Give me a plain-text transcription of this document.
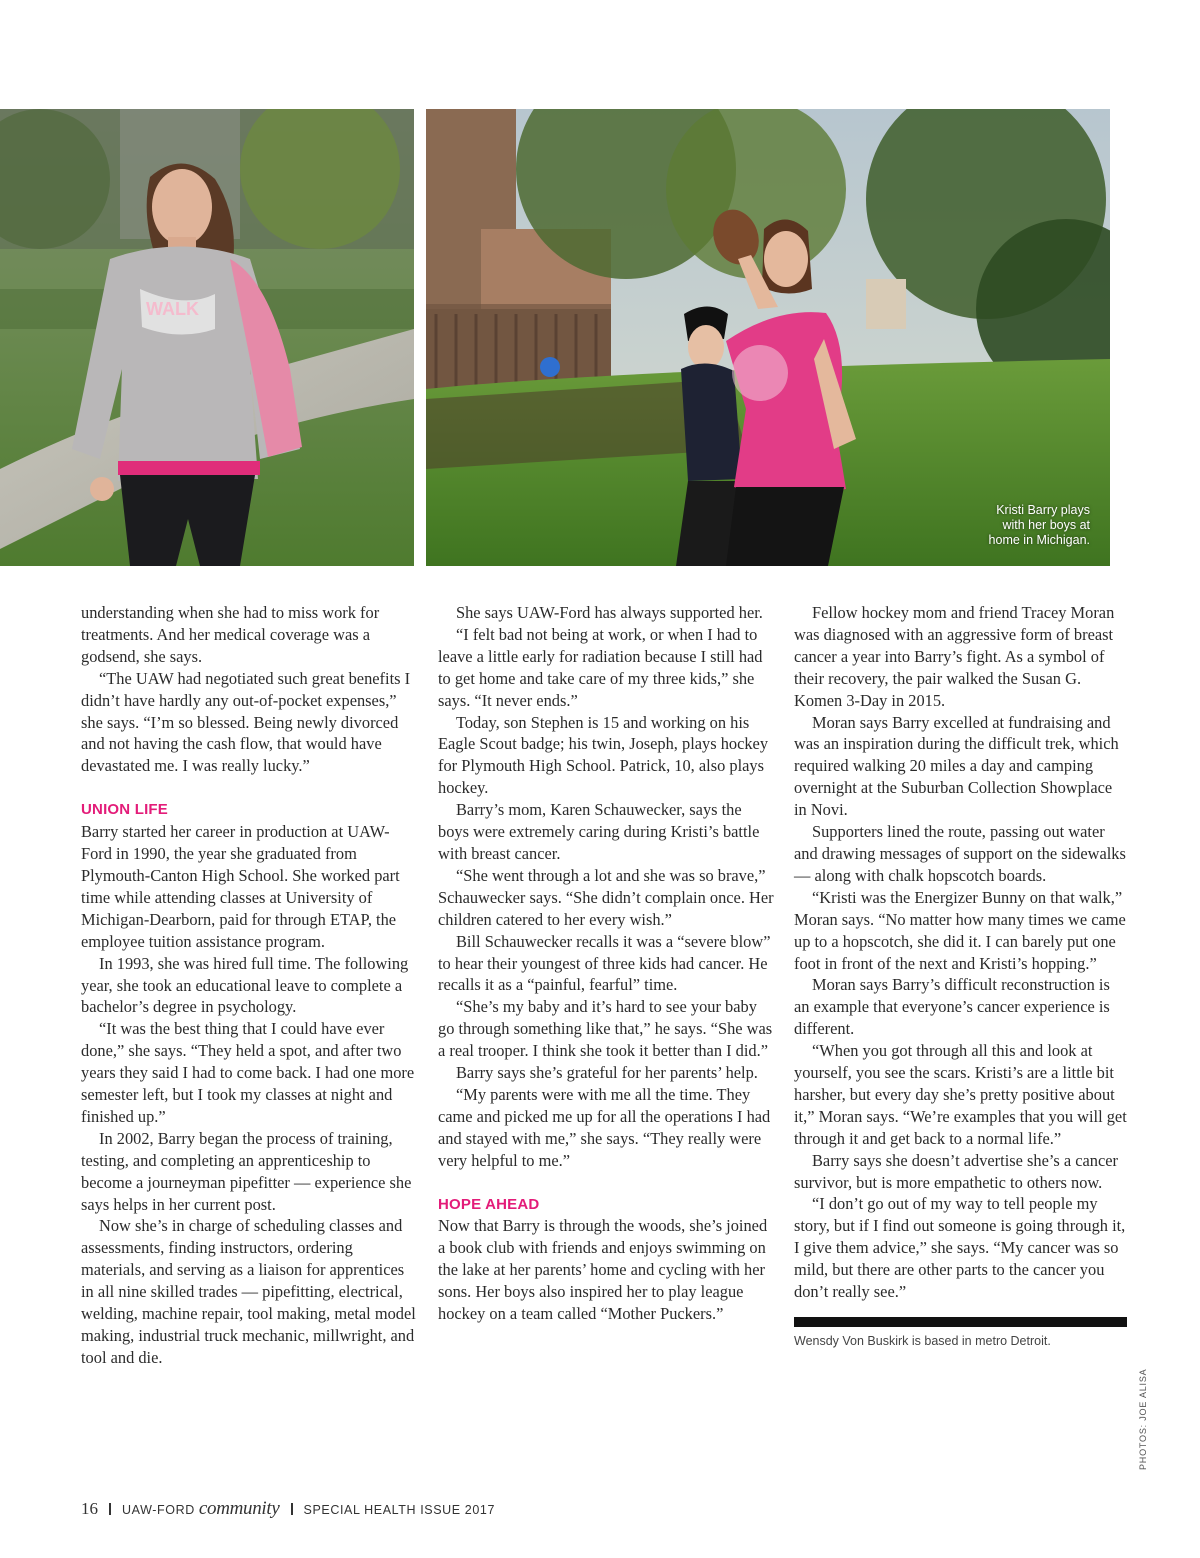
WALK
Kristi Barry plays
with her boys at
home in Michigan.

understanding when she had to miss work for treatments. And her medical coverage was a godsend, she says.

“The UAW had negotiated such great benefits I didn’t have hardly any out-of-pocket expenses,” she says. “I’m so blessed. Being newly divorced and not having the cash flow, that would have devastated me. I was really lucky.”

UNION LIFE

Barry started her career in production at UAW-Ford in 1990, the year she graduated from Plymouth-Canton High School. She worked part time while attending classes at University of Michigan-Dearborn, paid for through ETAP, the employee tuition assistance program.

In 1993, she was hired full time. The following year, she took an educational leave to complete a bachelor’s degree in psychology.

“It was the best thing that I could have ever done,” she says. “They held a spot, and after two years they said I had to come back. I had one more semester left, but I took my classes at night and finished up.”

In 2002, Barry began the process of training, testing, and completing an apprenticeship to become a journeyman pipefitter — experience she says helps in her current post.

Now she’s in charge of scheduling classes and assessments, finding instructors, ordering materials, and serving as a liaison for apprentices in all nine skilled trades — pipefitting, electrical, welding, machine repair, tool making, metal model making, industrial truck mechanic, millwright, and tool and die.

She says UAW-Ford has always supported her.

“I felt bad not being at work, or when I had to leave a little early for radiation because I still had to get home and take care of my three kids,” she says. “It never ends.”

Today, son Stephen is 15 and working on his Eagle Scout badge; his twin, Joseph, plays hockey for Plymouth High School. Patrick, 10, also plays hockey.

Barry’s mom, Karen Schauwecker, says the boys were extremely caring during Kristi’s battle with breast cancer.

“She went through a lot and she was so brave,” Schauwecker says. “She didn’t complain once. Her children catered to her every wish.”

Bill Schauwecker recalls it was a “severe blow” to hear their youngest of three kids had cancer. He recalls it as a “painful, fearful” time.

“She’s my baby and it’s hard to see your baby go through something like that,” he says. “She was a real trooper. I think she took it better than I did.”

Barry says she’s grateful for her parents’ help.

“My parents were with me all the time. They came and picked me up for all the operations I had and stayed with me,” she says. “They really were very helpful to me.”

HOPE AHEAD

Now that Barry is through the woods, she’s joined a book club with friends and enjoys swimming on the lake at her parents’ home and cycling with her sons. Her boys also inspired her to play league hockey on a team called “Mother Puckers.”

Fellow hockey mom and friend Tracey Moran was diagnosed with an aggressive form of breast cancer a year into Barry’s fight. As a symbol of their recovery, the pair walked the Susan G. Komen 3-Day in 2015.

Moran says Barry excelled at fundraising and was an inspiration during the difficult trek, which required walking 20 miles a day and camping overnight at the Suburban Collection Showplace in Novi.

Supporters lined the route, passing out water and drawing messages of support on the sidewalks — along with chalk hopscotch boards.

“Kristi was the Energizer Bunny on that walk,” Moran says. “No matter how many times we came up to a hopscotch, she did it. I can barely put one foot in front of the next and Kristi’s hopping.”

Moran says Barry’s difficult reconstruction is an example that everyone’s cancer experience is different.

“When you got through all this and look at yourself, you see the scars. Kristi’s are a little bit harsher, but every day she’s pretty positive about it,” Moran says. “We’re examples that you will get through it and get back to a normal life.”

Barry says she doesn’t advertise she’s a cancer survivor, but is more empathetic to others now.

“I don’t go out of my way to tell people my story, but if I find out someone is going through it, I give them advice,” she says. “My cancer was so mild, but there are other parts to the cancer you don’t really see.”

Wensdy Von Buskirk is based in metro Detroit.
PHOTOS: JOE ALISA
16 UAW-FORD community SPECIAL HEALTH ISSUE 2017
